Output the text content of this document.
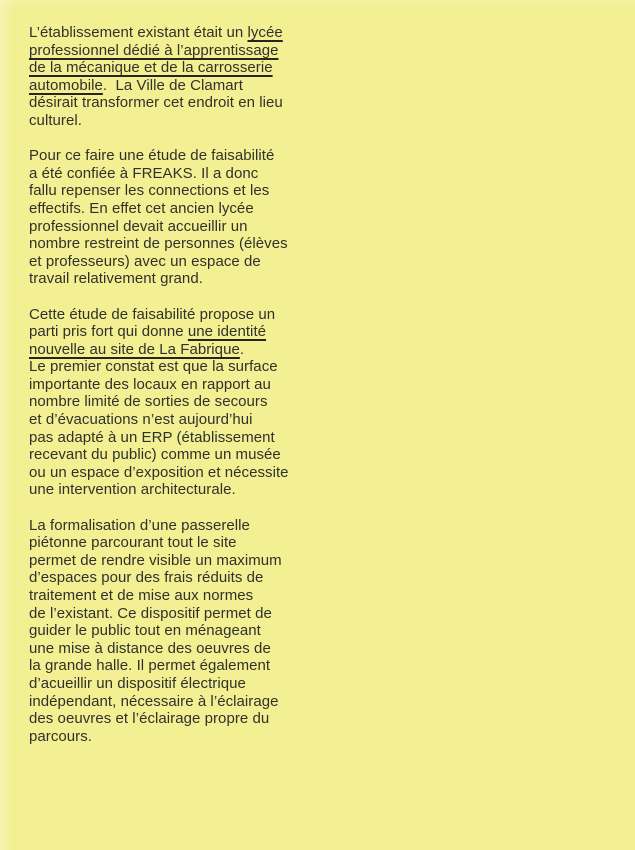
L’établissement existant était un lycée
professionnel dédié à l’apprentissage
de la mécanique et de la carrosserie
automobile.  La Ville de Clamart
désirait transformer cet endroit en lieu
culturel.
Pour ce faire une étude de faisabilité
a été confiée à FREAKS. Il a donc
fallu repenser les connections et les
effectifs. En effet cet ancien lycée
professionnel devait accueillir un
nombre restreint de personnes (élèves
et professeurs) avec un espace de
travail relativement grand.
Cette étude de faisabilité propose un
parti pris fort qui donne une identité
nouvelle au site de La Fabrique.
Le premier constat est que la surface
importante des locaux en rapport au
nombre limité de sorties de secours
et d’évacuations n’est aujourd’hui
pas adapté à un ERP (établissement
recevant du public) comme un musée
ou un espace d’exposition et nécessite
une intervention architecturale.
La formalisation d’une passerelle
piétonne parcourant tout le site
permet de rendre visible un maximum
d’espaces pour des frais réduits de
traitement et de mise aux normes
de l’existant. Ce dispositif permet de
guider le public tout en ménageant
une mise à distance des oeuvres de
la grande halle. Il permet également
d’acueillir un dispositif électrique
indépendant, nécessaire à l’éclairage
des oeuvres et l’éclairage propre du
parcours.
